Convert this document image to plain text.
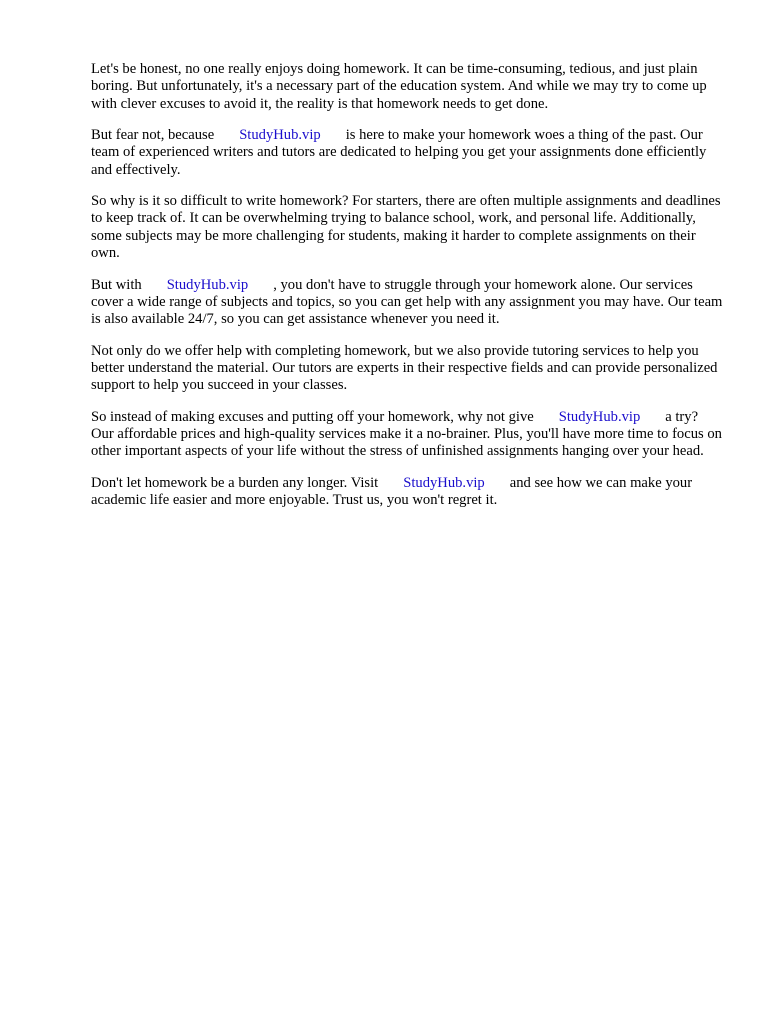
Let's be honest, no one really enjoys doing homework. It can be time-consuming, tedious, and just plain boring. But unfortunately, it's a necessary part of the education system. And while we may try to come up with clever excuses to avoid it, the reality is that homework needs to get done.

But fear not, because StudyHub.vip is here to make your homework woes a thing of the past. Our team of experienced writers and tutors are dedicated to helping you get your assignments done efficiently and effectively.

So why is it so difficult to write homework? For starters, there are often multiple assignments and deadlines to keep track of. It can be overwhelming trying to balance school, work, and personal life. Additionally, some subjects may be more challenging for students, making it harder to complete assignments on their own.

But with StudyHub.vip , you don't have to struggle through your homework alone. Our services cover a wide range of subjects and topics, so you can get help with any assignment you may have. Our team is also available 24/7, so you can get assistance whenever you need it.

Not only do we offer help with completing homework, but we also provide tutoring services to help you better understand the material. Our tutors are experts in their respective fields and can provide personalized support to help you succeed in your classes.

So instead of making excuses and putting off your homework, why not give StudyHub.vip a try? Our affordable prices and high-quality services make it a no-brainer. Plus, you'll have more time to focus on other important aspects of your life without the stress of unfinished assignments hanging over your head.

Don't let homework be a burden any longer. Visit StudyHub.vip and see how we can make your academic life easier and more enjoyable. Trust us, you won't regret it.
